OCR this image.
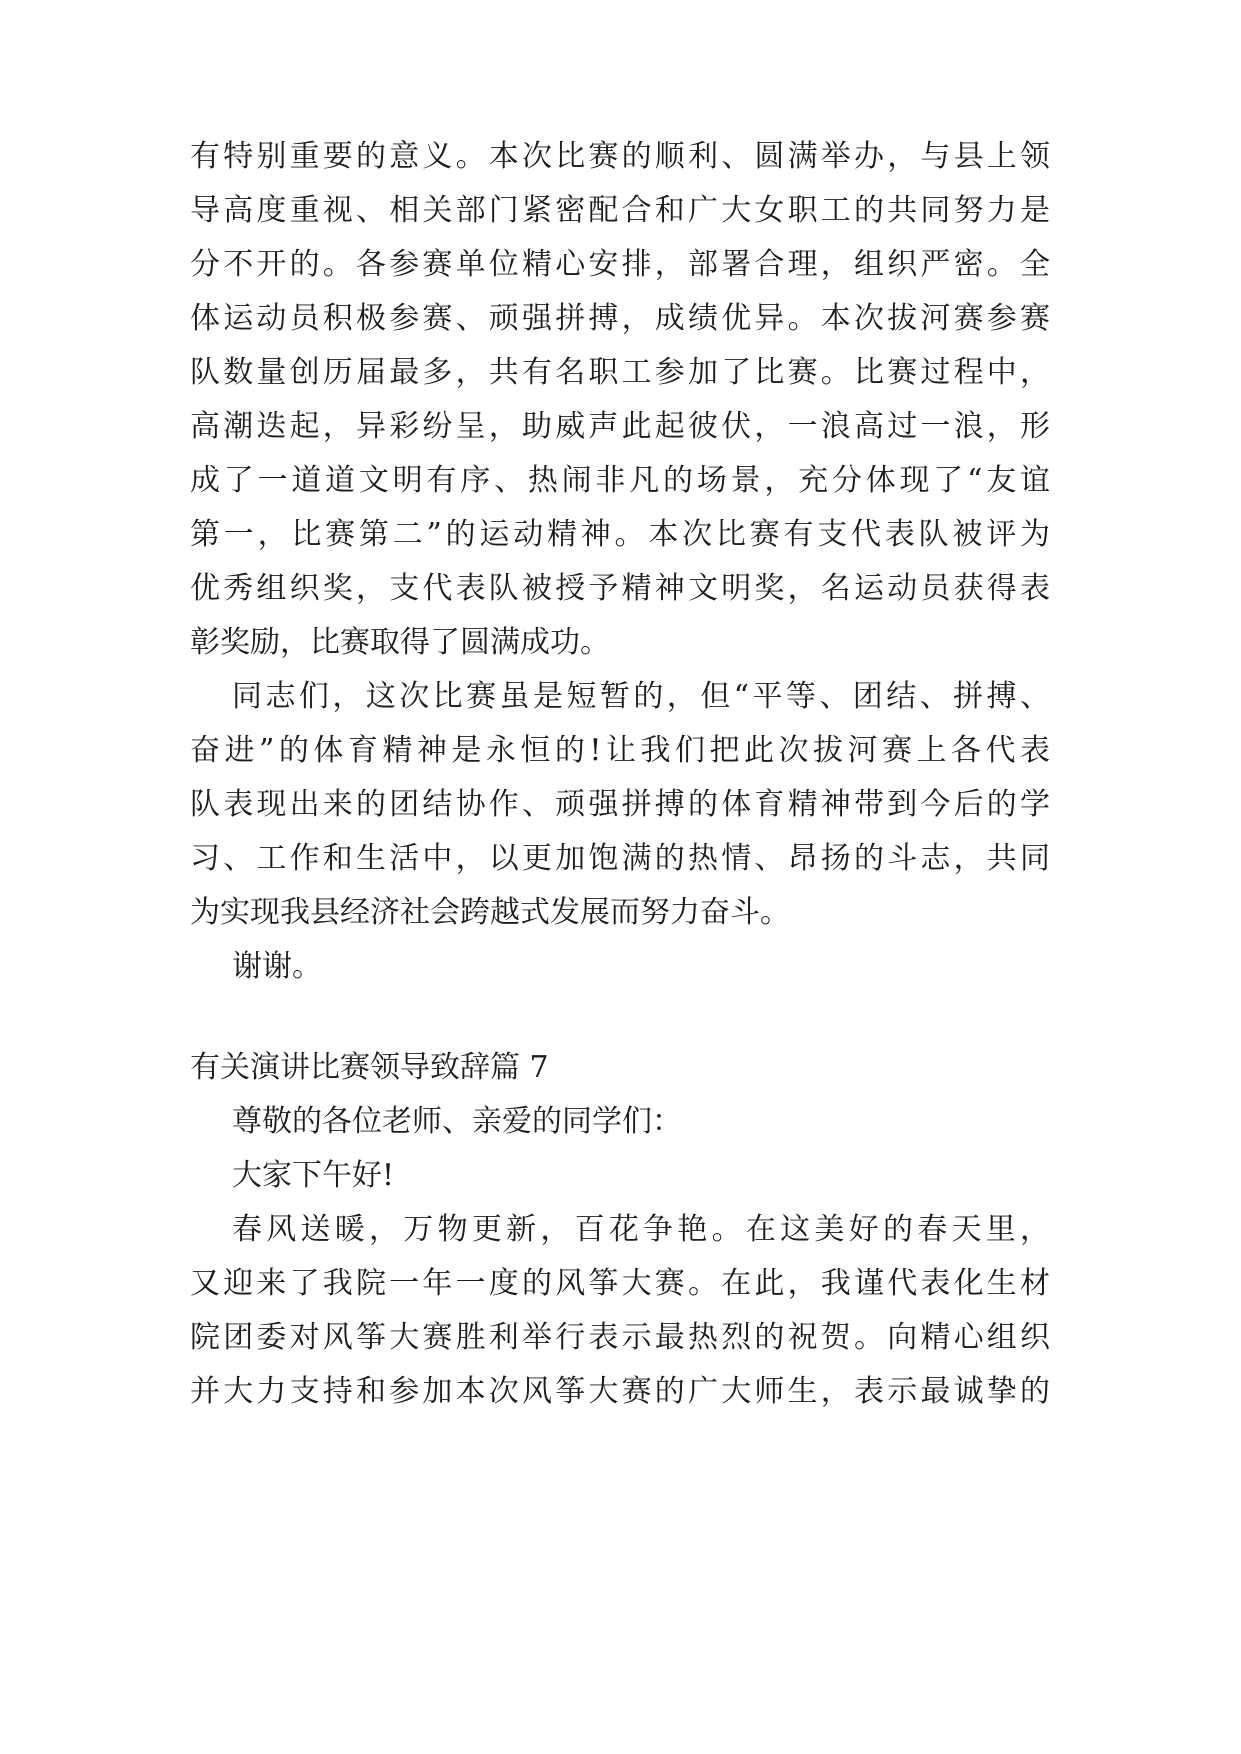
有特别重要的意义。本次比赛的顺利、圆满举办，与县上领
导高度重视、相关部门紧密配合和广大女职工的共同努力是
分不开的。各参赛单位精心安排，部署合理，组织严密。全
体运动员积极参赛、顽强拼搏，成绩优异。本次拔河赛参赛
队数量创历届最多，共有名职工参加了比赛。比赛过程中，
高潮迭起，异彩纷呈，助威声此起彼伏，一浪高过一浪，形
成了一道道文明有序、热闹非凡的场景，充分体现了“友谊
第一，比赛第二”的运动精神。本次比赛有支代表队被评为
优秀组织奖，支代表队被授予精神文明奖，名运动员获得表
彰奖励，比赛取得了圆满成功。
同志们，这次比赛虽是短暂的，但“平等、团结、拼搏、
奋进”的体育精神是永恒的!让我们把此次拔河赛上各代表
队表现出来的团结协作、顽强拼搏的体育精神带到今后的学
习、工作和生活中，以更加饱满的热情、昂扬的斗志，共同
为实现我县经济社会跨越式发展而努力奋斗。
谢谢。
有关演讲比赛领导致辞篇 7
尊敬的各位老师、亲爱的同学们：
大家下午好!
春风送暖，万物更新，百花争艳。在这美好的春天里，
又迎来了我院一年一度的风筝大赛。在此，我谨代表化生材
院团委对风筝大赛胜利举行表示最热烈的祝贺。向精心组织
并大力支持和参加本次风筝大赛的广大师生，表示最诚挚的
